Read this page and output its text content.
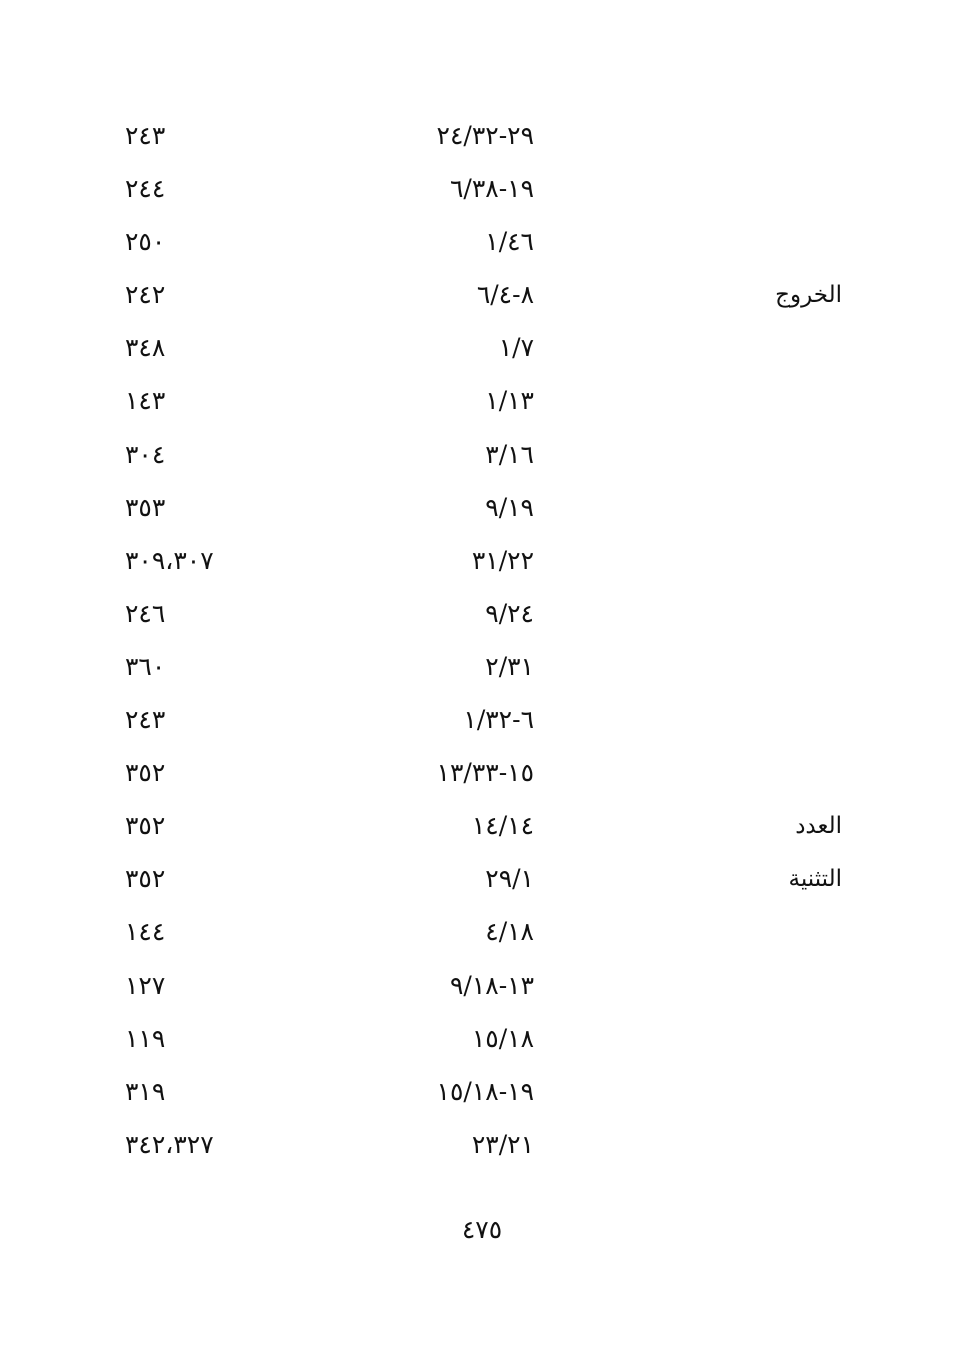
٢٩-٢٤/٣٢
٢٤٣
١٩-٦/٣٨
٢٤٤
١/٤٦
٢٥٠
الخروج
٨-٦/٤
٢٤٢
١/٧
٣٤٨
١/١٣
١٤٣
٣/١٦
٣٠٤
٩/١٩
٣٥٣
٣١/٢٢
٣٠٩،٣٠٧
٩/٢٤
٢٤٦
٢/٣١
٣٦٠
٦-١/٣٢
٢٤٣
١٥-١٣/٣٣
٣٥٢
العدد
١٤/١٤
٣٥٢
التثنية
٢٩/١
٣٥٢
٤/١٨
١٤٤
١٣-٩/١٨
١٢٧
١٥/١٨
١١٩
١٩-١٥/١٨
٣١٩
٢٣/٢١
٣٤٢،٣٢٧
٤٧٥
